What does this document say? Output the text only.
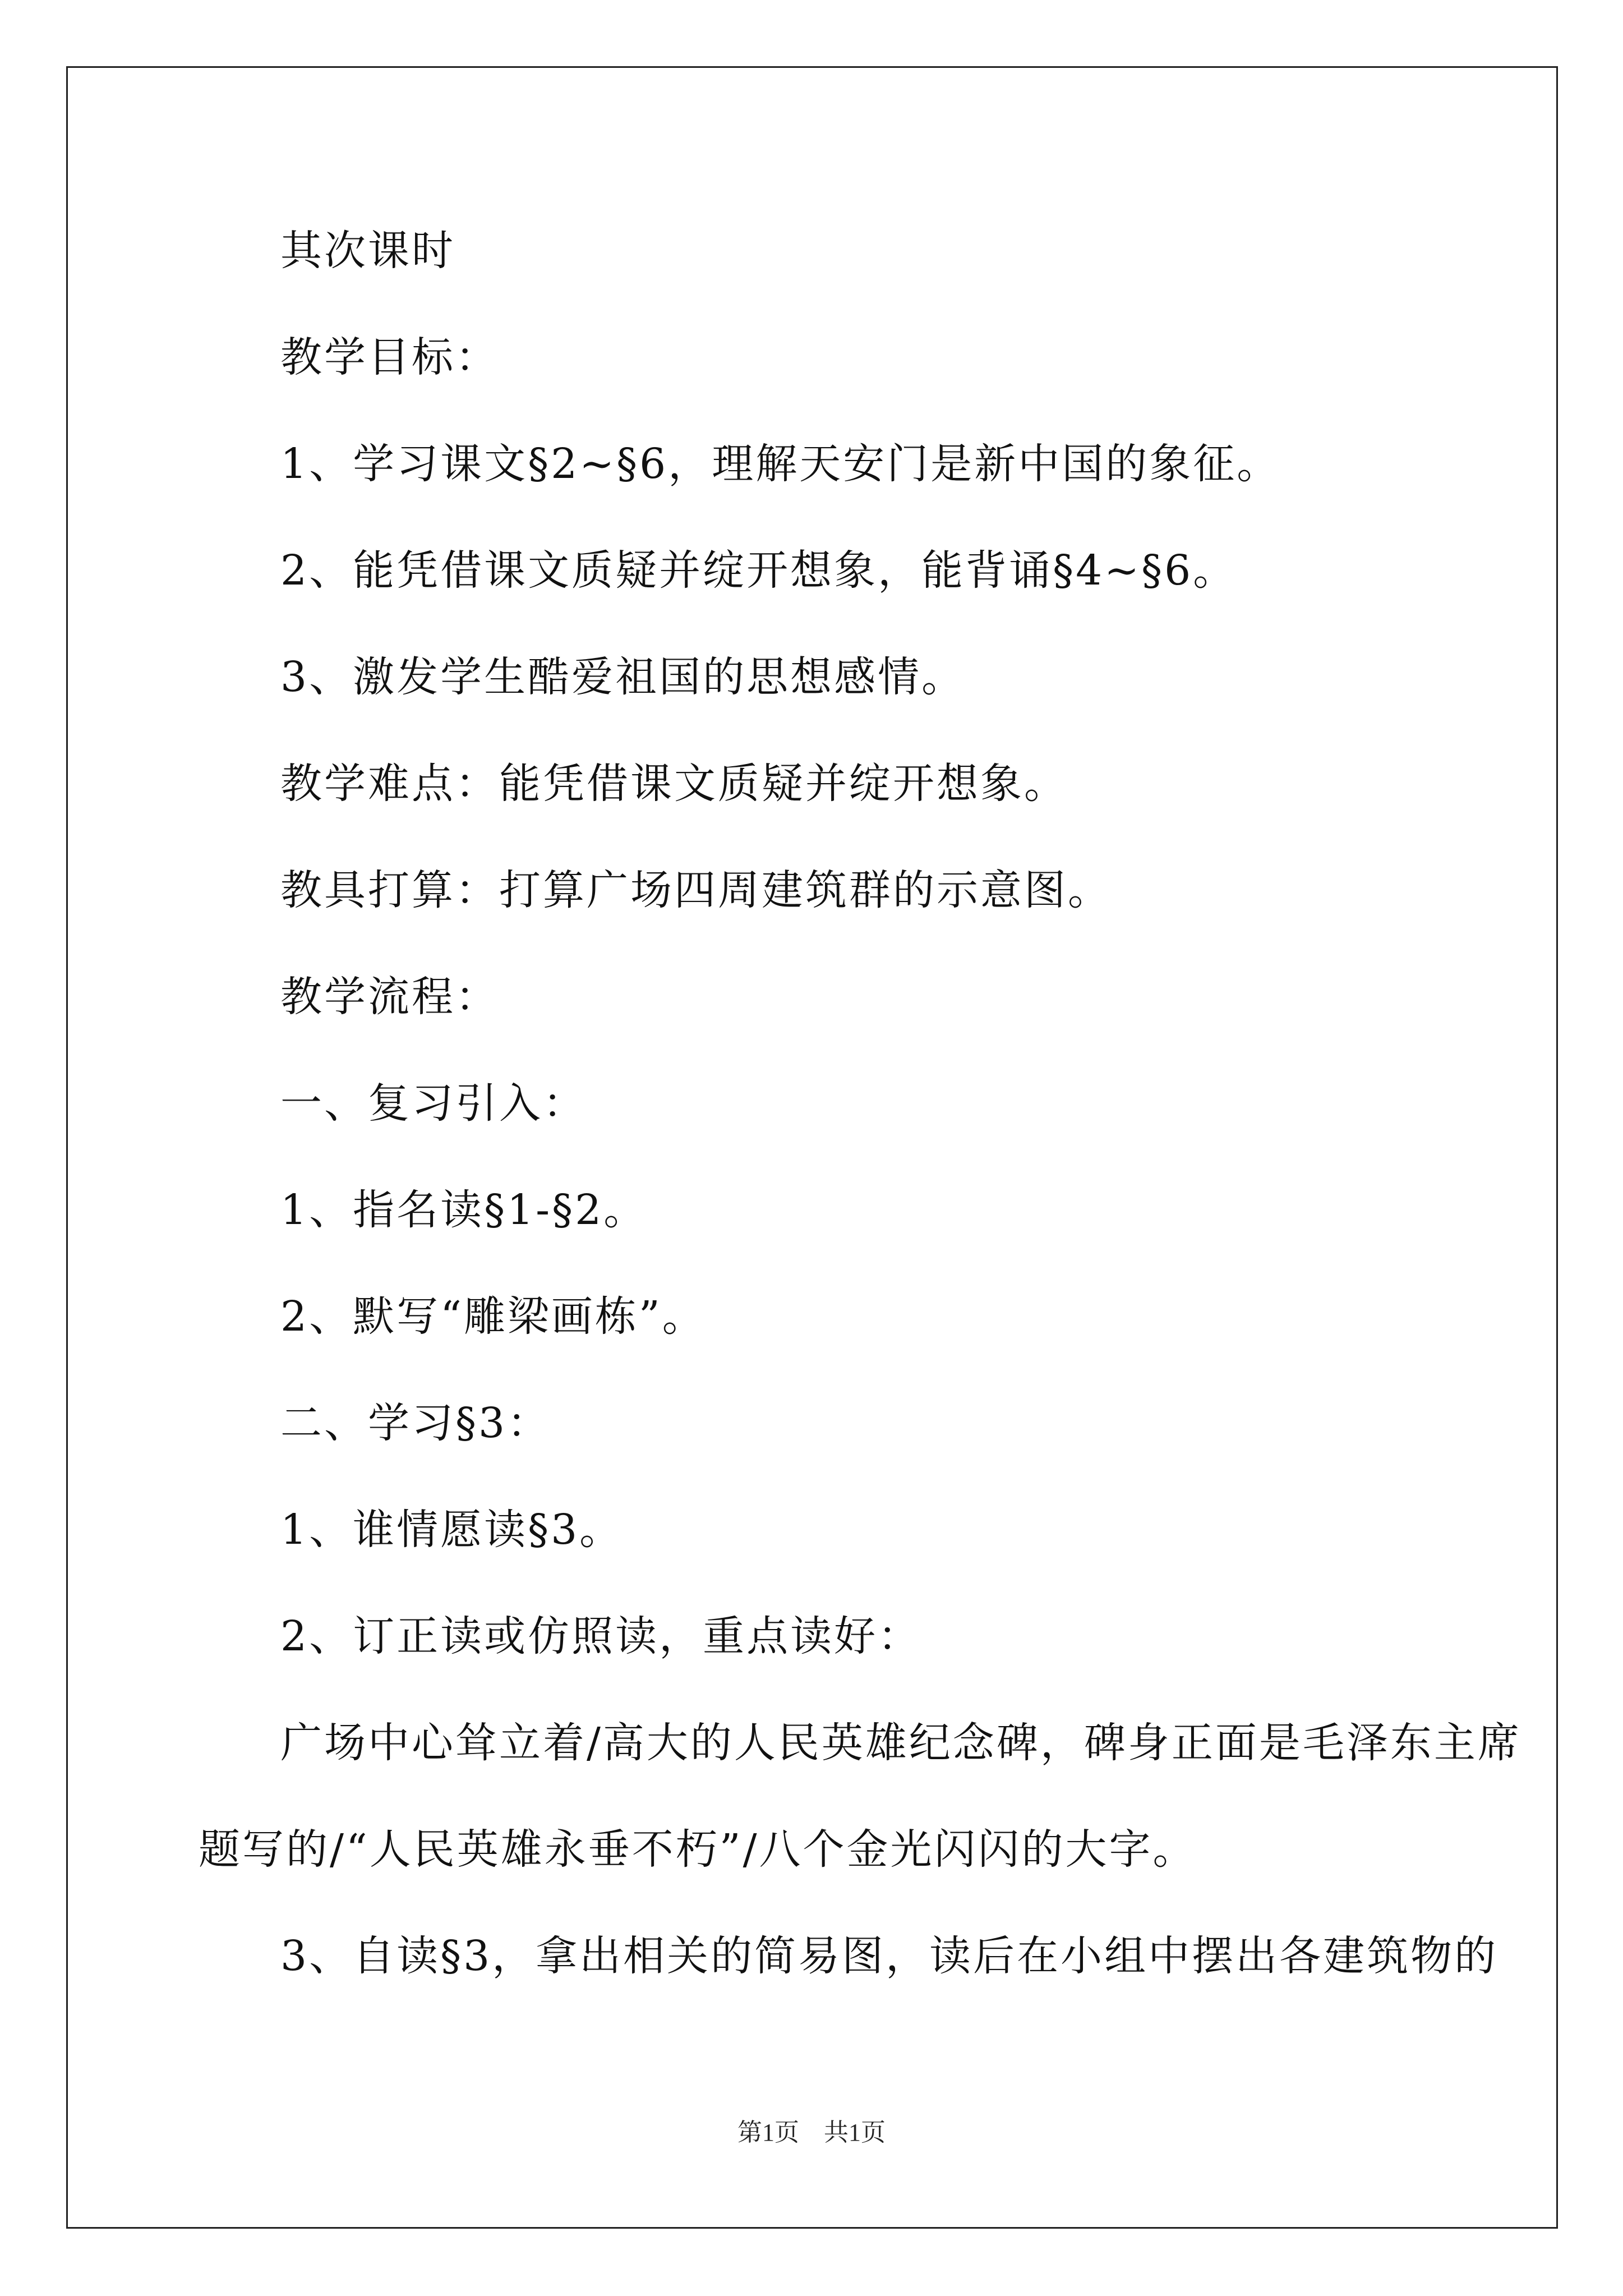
其次课时
教学目标：
1、学习课文§2~§6，理解天安门是新中国的象征。
2、能凭借课文质疑并绽开想象，能背诵§4~§6。
3、激发学生酷爱祖国的思想感情。
教学难点：能凭借课文质疑并绽开想象。
教具打算：打算广场四周建筑群的示意图。
教学流程：
一、复习引入：
1、指名读§1-§2。
2、默写“雕梁画栋”。
二、学习§3：
1、谁情愿读§3。
2、订正读或仿照读，重点读好：
广场中心耸立着/高大的人民英雄纪念碑，碑身正面是毛泽东主席
题写的/“人民英雄永垂不朽”/八个金光闪闪的大字。
3、自读§3，拿出相关的简易图，读后在小组中摆出各建筑物的
第1页　共1页
